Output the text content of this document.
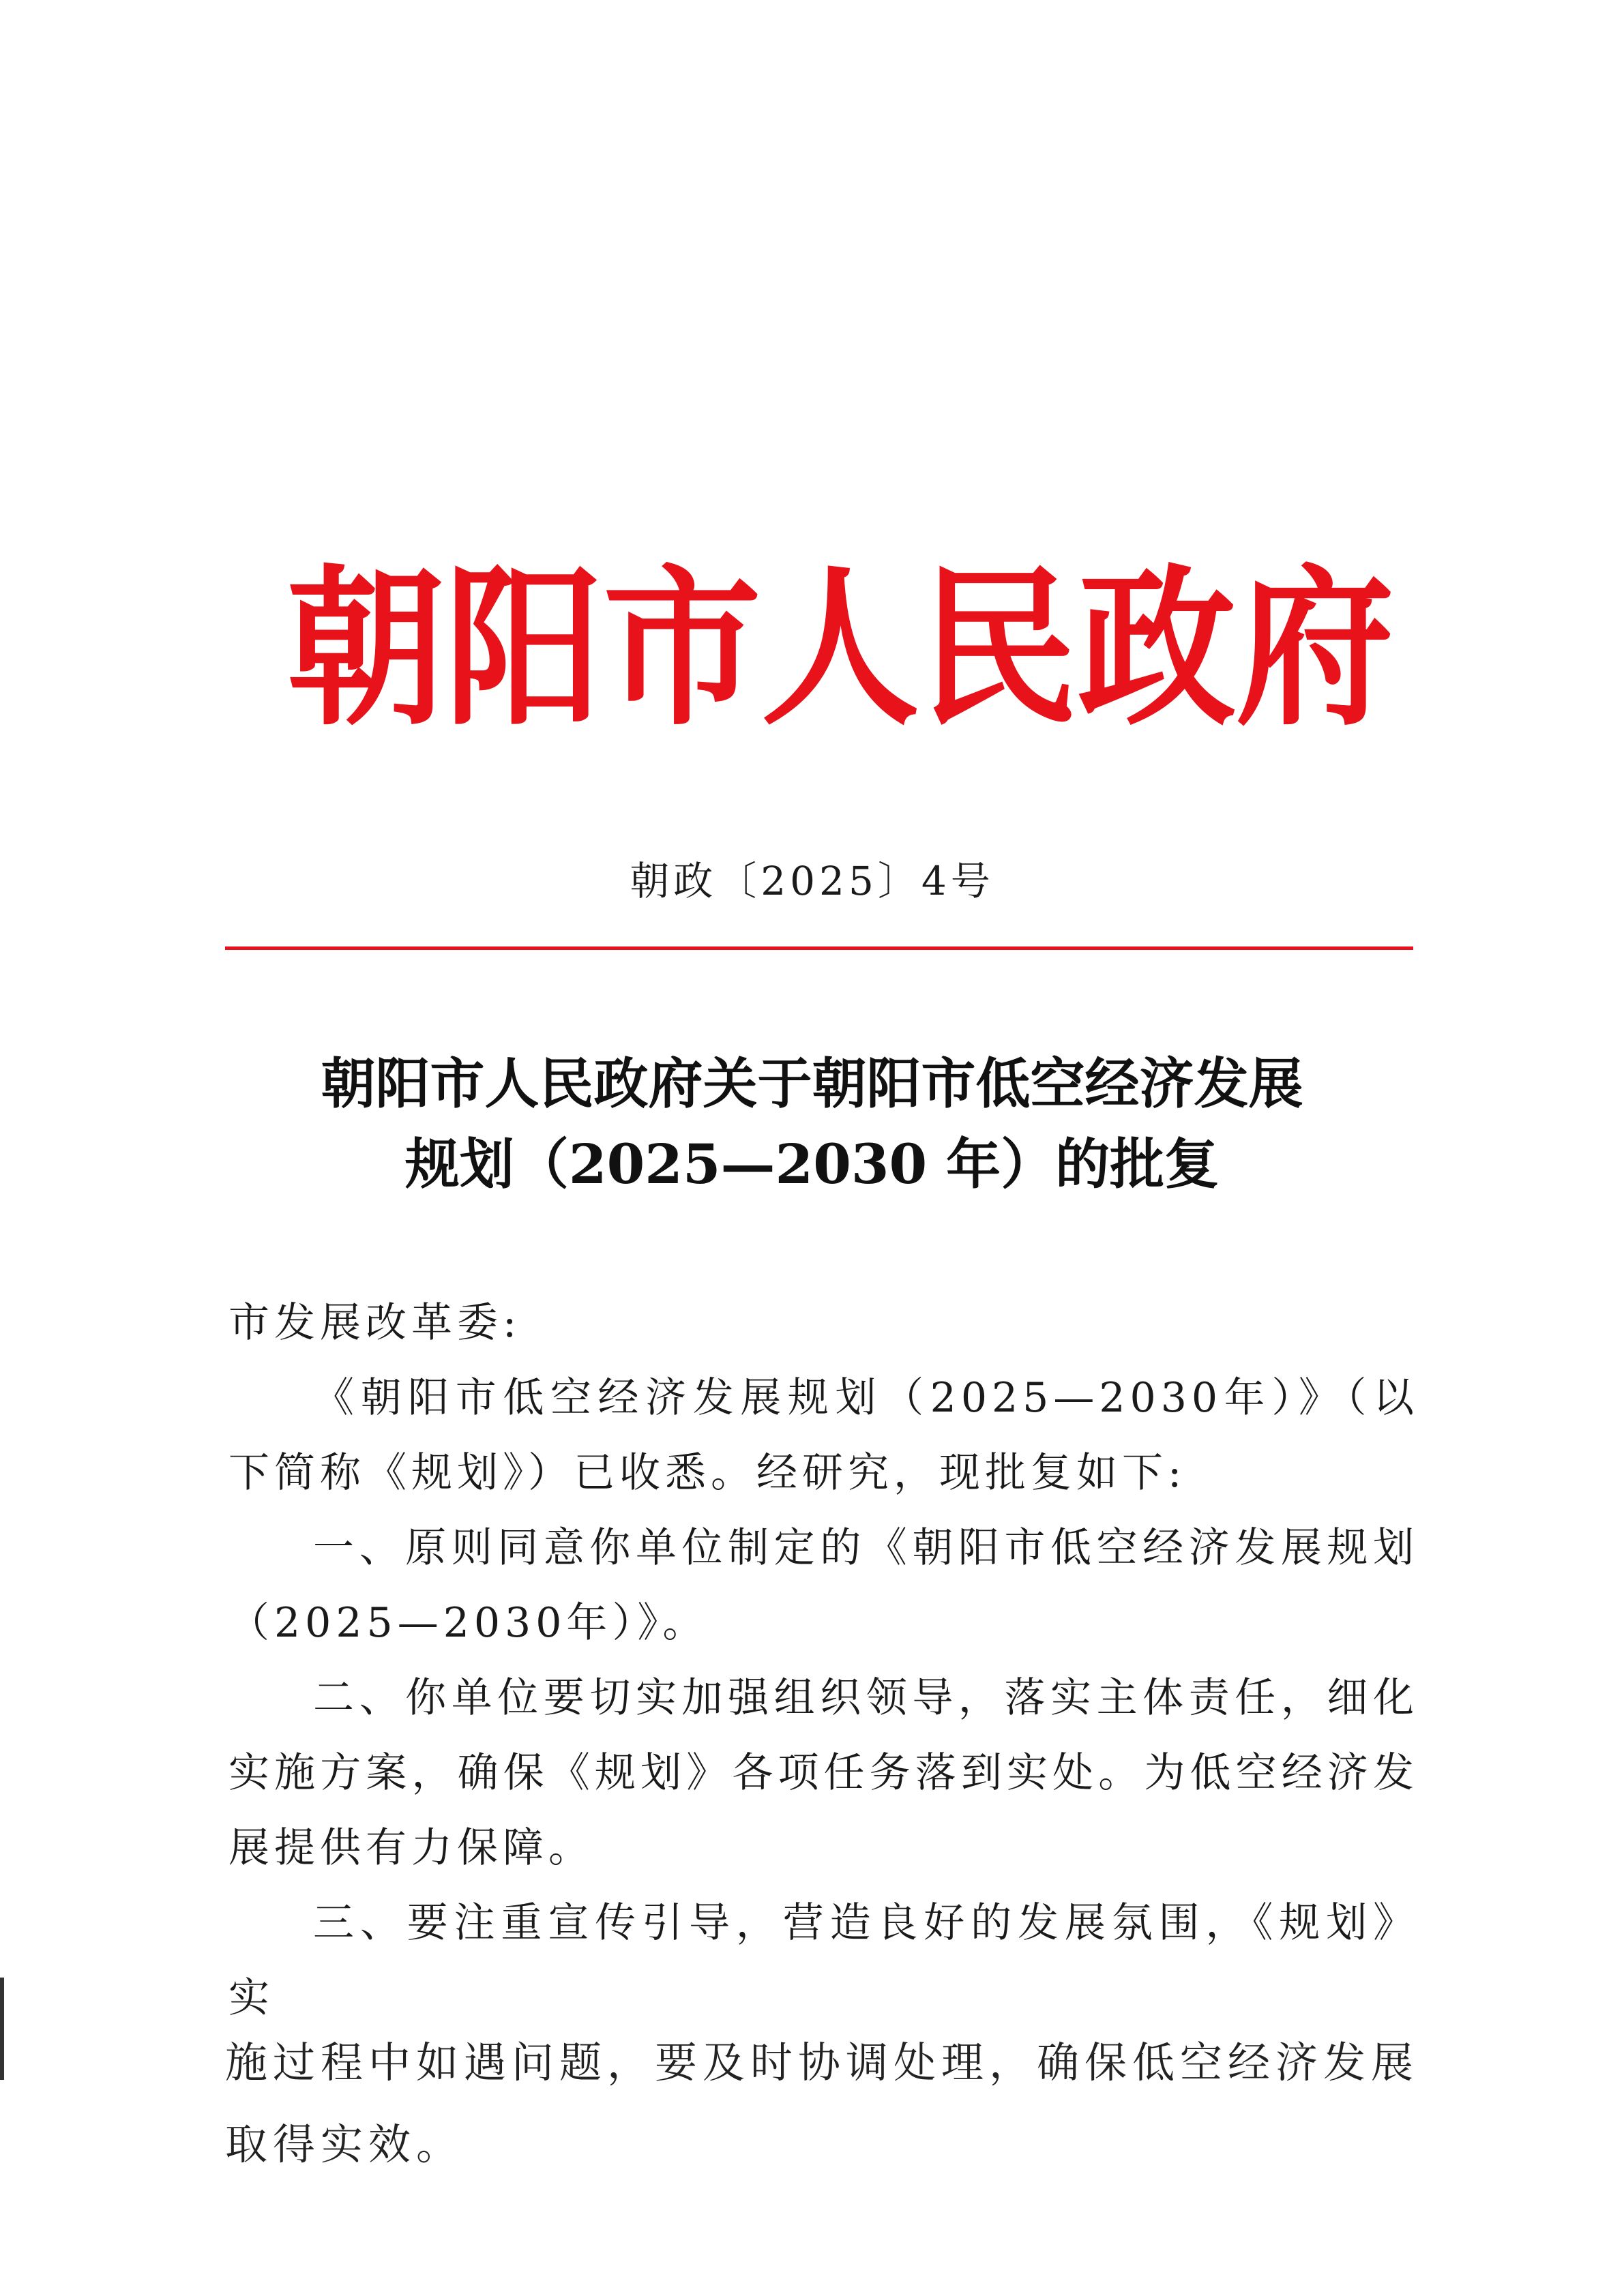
朝 阳 市 人 民 政 府
朝政〔2025〕4号
朝阳市人民政府关于朝阳市低空经济发展
规划（2025—2030 年）的批复

市发展改革委:

《朝阳市低空经济发展规划（2025—2030年）》（以下简称《规划》）已收悉。经研究，现批复如下:

一、原则同意你单位制定的《朝阳市低空经济发展规划（2025—2030年）》。

二、你单位要切实加强组织领导，落实主体责任，细化实施方案，确保《规划》各项任务落到实处。为低空经济发展提供有力保障。

三、要注重宣传引导，营造良好的发展氛围，《规划》实

施过程中如遇问题，要及时协调处理，确保低空经济发展取得实效。
